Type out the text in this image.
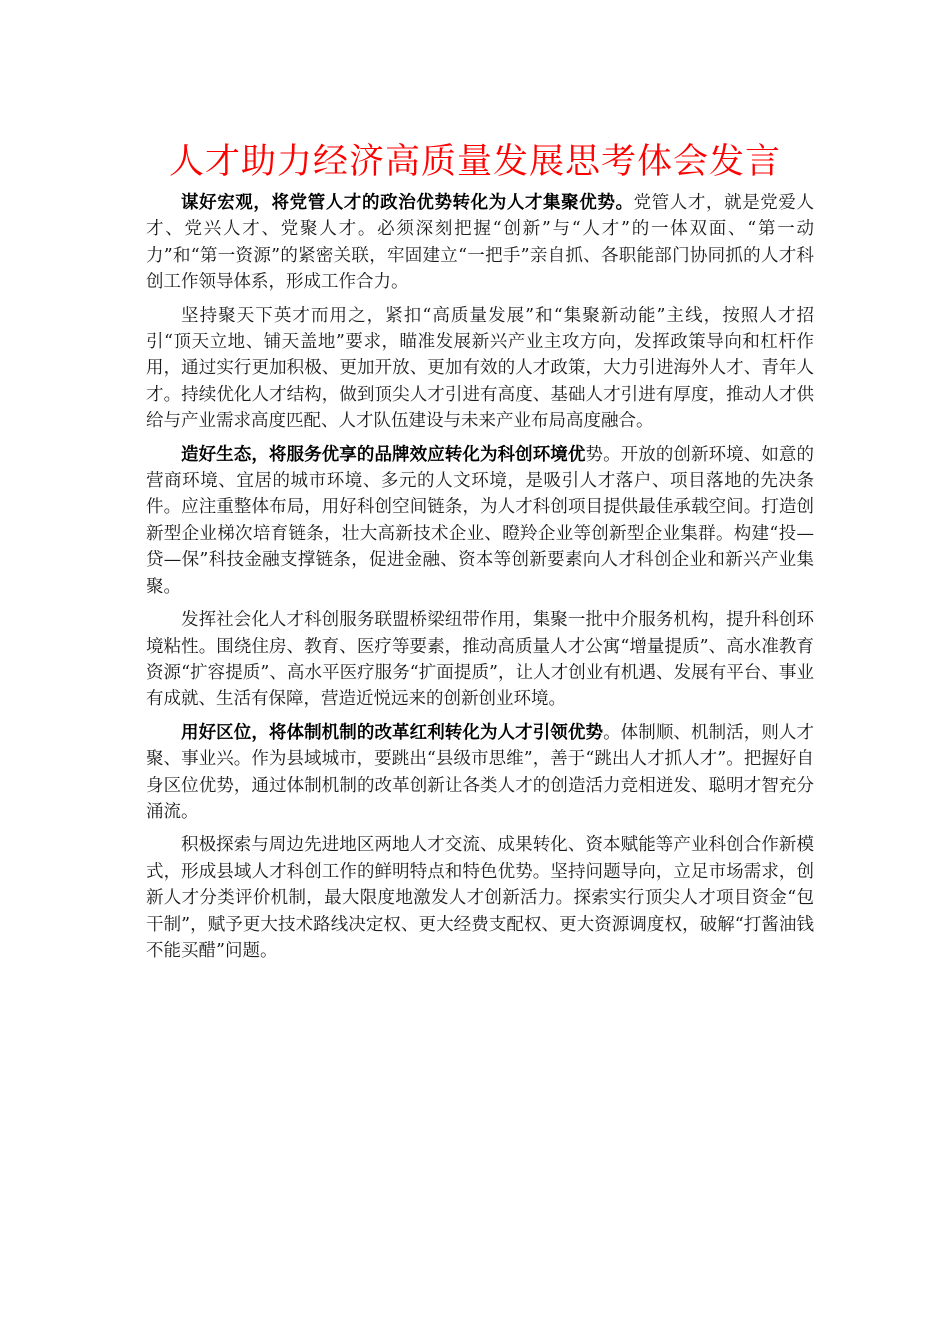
人才助力经济高质量发展思考体会发言

谋好宏观，将党管人才的政治优势转化为人才集聚优势。党管人才，就是党爱人才、党兴人才、党聚人才。必须深刻把握“创新”与“人才”的一体双面、“第一动力”和“第一资源”的紧密关联，牢固建立“一把手”亲自抓、各职能部门协同抓的人才科创工作领导体系，形成工作合力。

坚持聚天下英才而用之，紧扣“高质量发展”和“集聚新动能”主线，按照人才招引“顶天立地、铺天盖地”要求，瞄准发展新兴产业主攻方向，发挥政策导向和杠杆作用，通过实行更加积极、更加开放、更加有效的人才政策，大力引进海外人才、青年人才。持续优化人才结构，做到顶尖人才引进有高度、基础人才引进有厚度，推动人才供给与产业需求高度匹配、人才队伍建设与未来产业布局高度融合。

造好生态，将服务优享的品牌效应转化为科创环境优势。开放的创新环境、如意的营商环境、宜居的城市环境、多元的人文环境，是吸引人才落户、项目落地的先决条件。应注重整体布局，用好科创空间链条，为人才科创项目提供最佳承载空间。打造创新型企业梯次培育链条，壮大高新技术企业、瞪羚企业等创新型企业集群。构建“投—贷—保”科技金融支撑链条，促进金融、资本等创新要素向人才科创企业和新兴产业集聚。

发挥社会化人才科创服务联盟桥梁纽带作用，集聚一批中介服务机构，提升科创环境粘性。围绕住房、教育、医疗等要素，推动高质量人才公寓“增量提质”、高水准教育资源“扩容提质”、高水平医疗服务“扩面提质”，让人才创业有机遇、发展有平台、事业有成就、生活有保障，营造近悦远来的创新创业环境。

用好区位，将体制机制的改革红利转化为人才引领优势。体制顺、机制活，则人才聚、事业兴。作为县域城市，要跳出“县级市思维”，善于“跳出人才抓人才”。把握好自身区位优势，通过体制机制的改革创新让各类人才的创造活力竞相迸发、聪明才智充分涌流。

积极探索与周边先进地区两地人才交流、成果转化、资本赋能等产业科创合作新模式，形成县域人才科创工作的鲜明特点和特色优势。坚持问题导向，立足市场需求，创新人才分类评价机制，最大限度地激发人才创新活力。探索实行顶尖人才项目资金“包干制”，赋予更大技术路线决定权、更大经费支配权、更大资源调度权，破解“打酱油钱不能买醋”问题。
